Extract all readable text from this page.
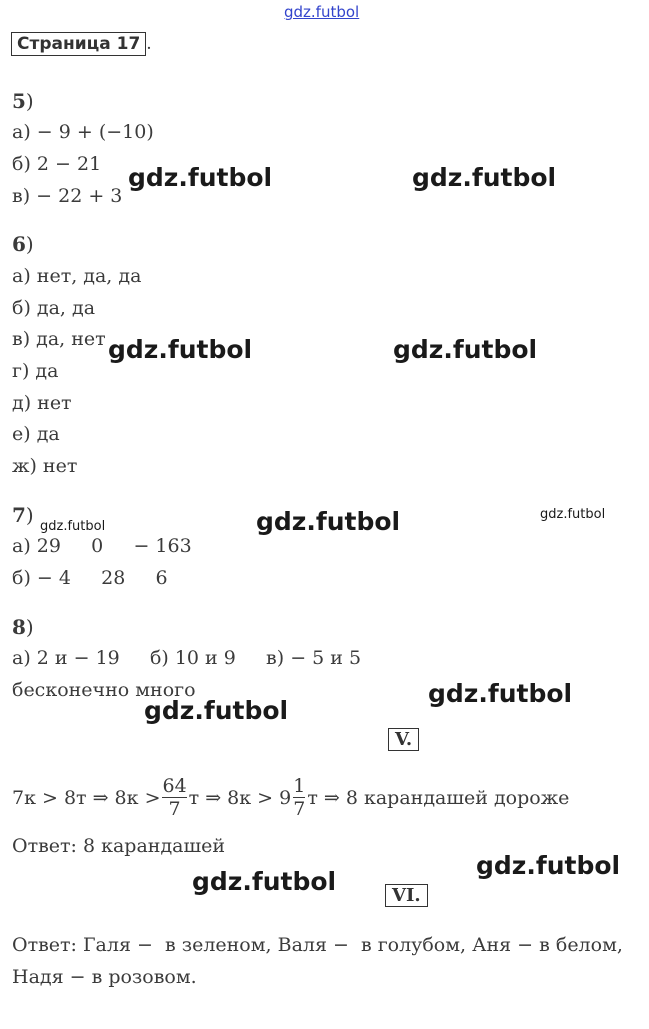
gdz.futbol
Страница 17 .
5)
а) − 9 + (−10)
б) 2 − 21
в) − 22 + 3
6)
а) нет, да, да
б) да, да
в) да, нет
г) да
д) нет
е) да
ж) нет
7)
а) 29     0     − 163
б) − 4     28     6
8)
а) 2 и − 19     б) 10 и 9     в) − 5 и 5
бесконечно много
V.
7к > 8т ⇒ $8к > \frac{64}{7}$ т ⇒ $8к > 9 \frac{1}{7}$ т ⇒ 8 карандашей дороже
Ответ: 8 карандашей
VI.
Ответ: Галя −  в зеленом, Валя −  в голубом, Аня − в белом,
Надя − в розовом.
gdz.futbol	gdz.futbol
gdz.futbol	gdz.futbol
gdz.futbol	gdz.futbol	gdz.futbol
gdz.futbol
gdz.futbol
gdz.futbol
gdz.futbol
